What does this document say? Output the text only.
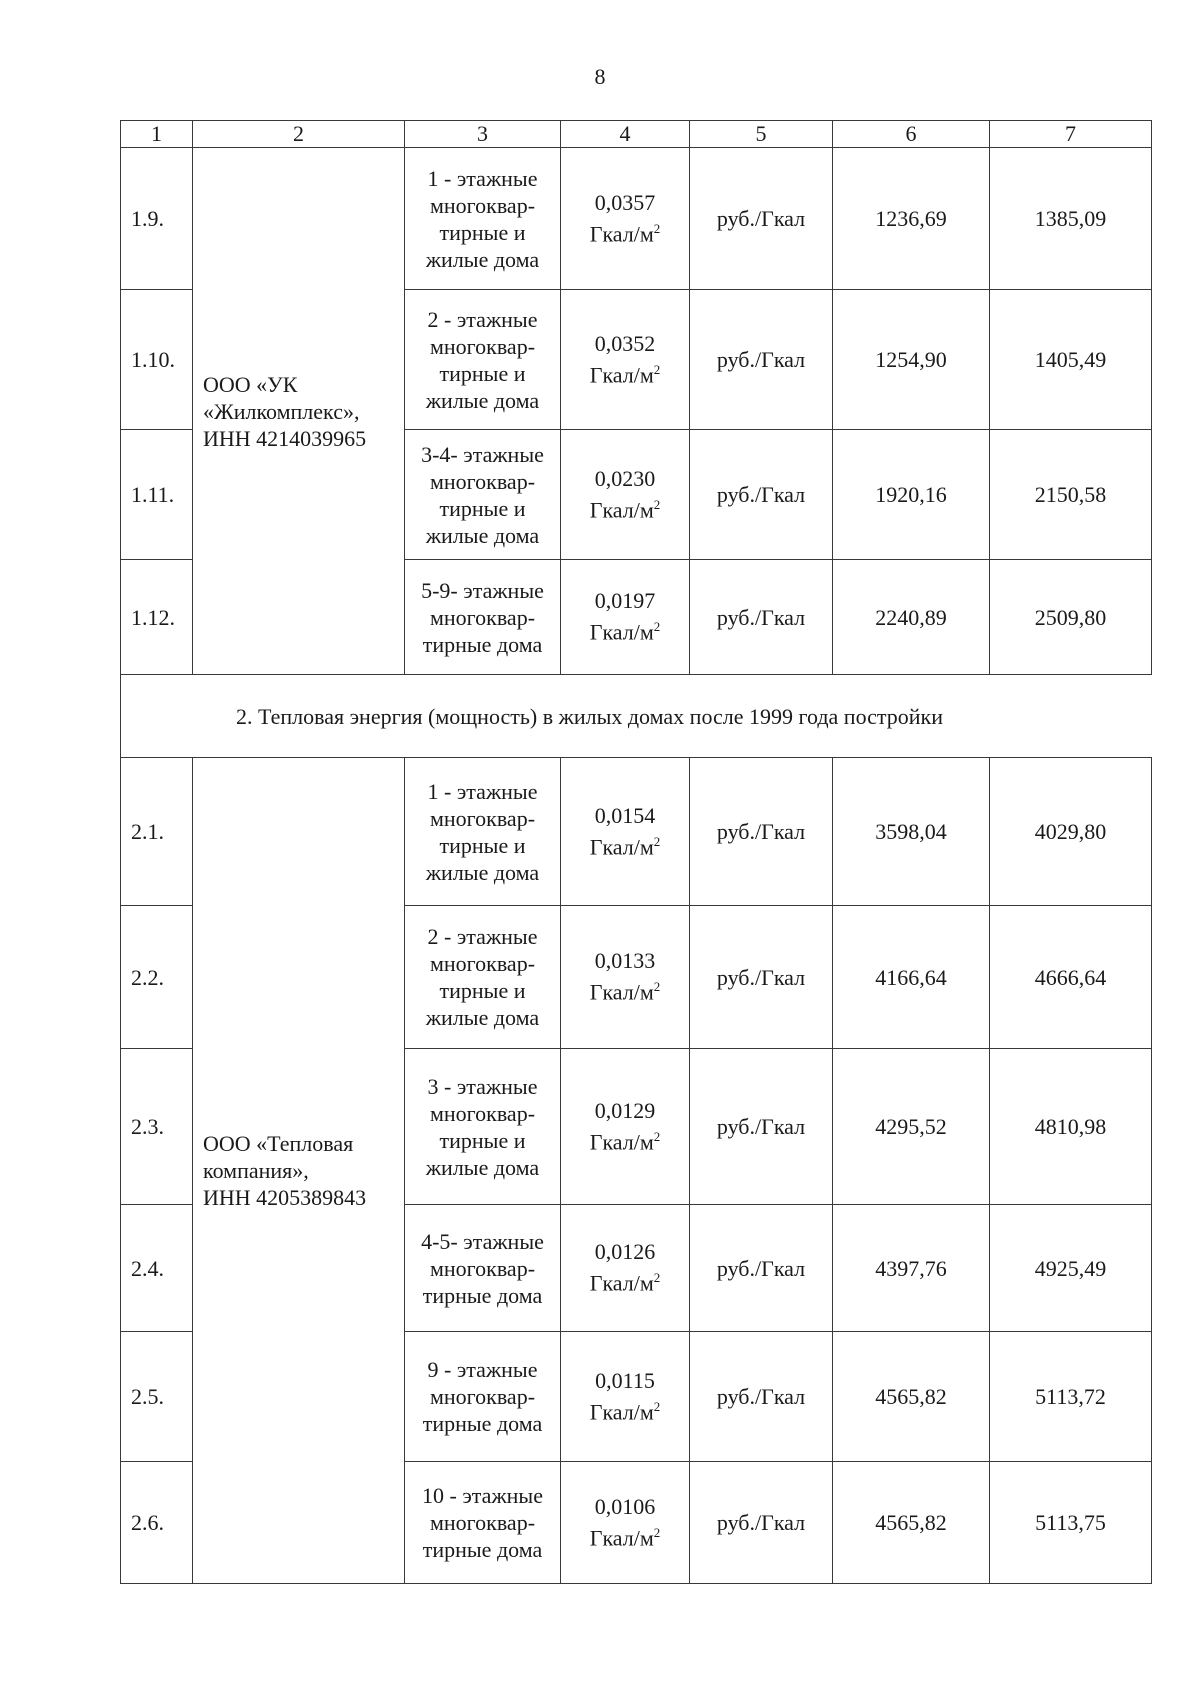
8
1	2	3	4	5	6	7
1.9.	ООО «УК
«Жилкомплекс»,
ИНН 4214039965	1 - этажные
многоквар-
тирные и
жилые дома	0,0357
Гкал/$м^2$	руб./Гкал	1236,69	1385,09
1.10.		2 - этажные
многоквар-
тирные и
жилые дома	0,0352
Гкал/$м^2$	руб./Гкал	1254,90	1405,49
1.11.		3-4- этажные
многоквар-
тирные и
жилые дома	0,0230
Гкал/$м^2$	руб./Гкал	1920,16	2150,58
1.12.		5-9- этажные
многоквар-
тирные дома	0,0197
Гкал/$м^2$	руб./Гкал	2240,89	2509,80
2. Тепловая энергия (мощность) в жилых домах после 1999 года постройки						
2.1.	ООО «Тепловая
компания»,
ИНН 4205389843	1 - этажные
многоквар-
тирные и
жилые дома	0,0154
Гкал/$м^2$	руб./Гкал	3598,04	4029,80
2.2.		2 - этажные
многоквар-
тирные и
жилые дома	0,0133
Гкал/$м^2$	руб./Гкал	4166,64	4666,64
2.3.		3 - этажные
многоквар-
тирные и
жилые дома	0,0129
Гкал/$м^2$	руб./Гкал	4295,52	4810,98
2.4.		4-5- этажные
многоквар-
тирные дома	0,0126
Гкал/$м^2$	руб./Гкал	4397,76	4925,49
2.5.		9 - этажные
многоквар-
тирные дома	0,0115
Гкал/$м^2$	руб./Гкал	4565,82	5113,72
2.6.		10 - этажные
многоквар-
тирные дома	0,0106
Гкал/$м^2$	руб./Гкал	4565,82	5113,75
